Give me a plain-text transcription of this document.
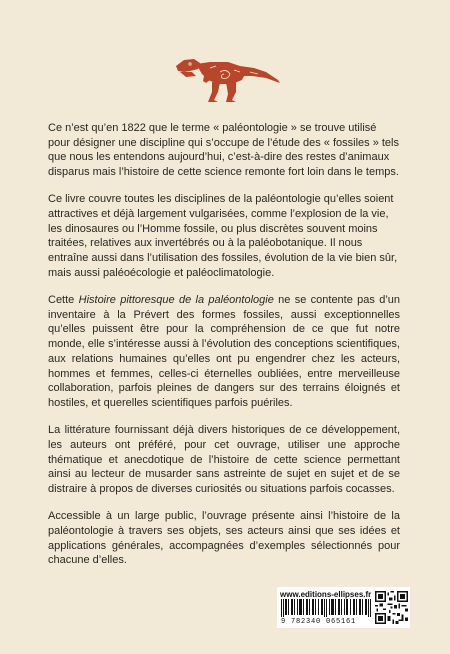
Ce n’est qu’en 1822 que le terme « paléontologie » se trouve utilisé pour désigner une discipline qui s’occupe de l’étude des « fossiles » tels que nous les entendons aujourd’hui, c’est-à-dire des restes d’animaux disparus mais l’histoire de cette science remonte fort loin dans le temps.

Ce livre couvre toutes les disciplines de la paléontologie qu’elles soient attractives et déjà largement vulgarisées, comme l’explosion de la vie, les dinosaures ou l’Homme fossile, ou plus discrètes souvent moins traitées, relatives aux invertébrés ou à la paléobotanique. Il nous entraîne aussi dans l’utilisation des fossiles, évolution de la vie bien sûr, mais aussi paléoécologie et paléoclimatologie.

Cette Histoire pittoresque de la paléontologie ne se contente pas d’un inventaire à la Prévert des formes fossiles, aussi exceptionnelles qu’elles puissent être pour la compréhension de ce que fut notre monde, elle s’intéresse aussi à l’évolution des conceptions scientifiques, aux relations humaines qu’elles ont pu engendrer chez les acteurs, hommes et femmes, celles-ci éternelles oubliées, entre merveilleuse collaboration, parfois pleines de dangers sur des terrains éloignés et hostiles, et querelles scientifiques parfois puériles.

La littérature fournissant déjà divers historiques de ce développement, les auteurs ont préféré, pour cet ouvrage, utiliser une approche thématique et anecdotique de l’histoire de cette science permettant ainsi au lecteur de musarder sans astreinte de sujet en sujet et de se distraire à propos de diverses curiosités ou situations parfois cocasses.

Accessible à un large public, l’ouvrage présente ainsi l’histoire de la paléontologie à travers ses objets, ses acteurs ainsi que ses idées et applications générales, accompagnées d’exemples sélectionnés pour chacune d’elles.

www.editions-ellipses.fr
9 782340 065161
